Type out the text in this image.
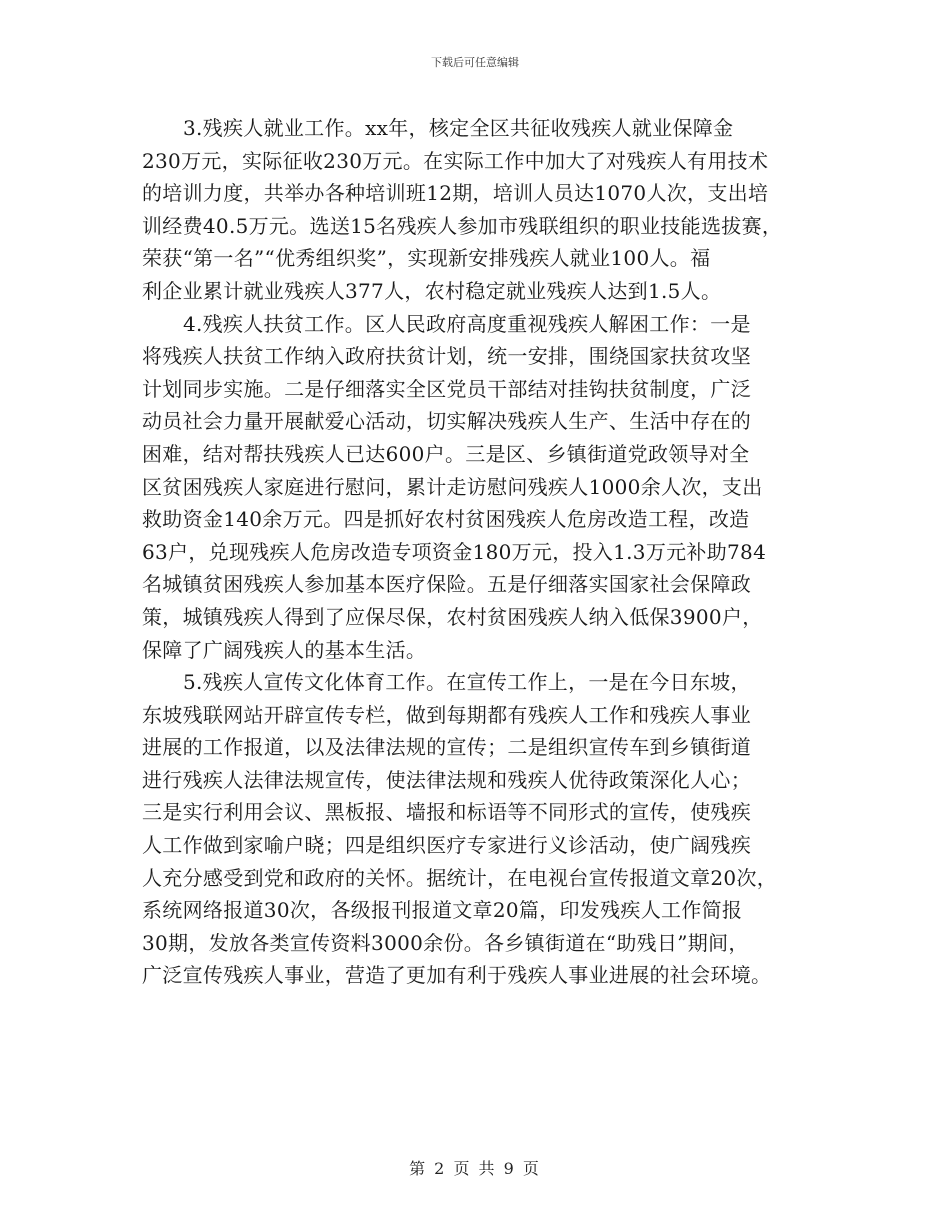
下载后可任意编辑
3.残疾人就业工作。xx年，核定全区共征收残疾人就业保障金
230万元，实际征收230万元。在实际工作中加大了对残疾人有用技术
的培训力度，共举办各种培训班12期，培训人员达1070人次，支出培
训经费40.5万元。选送15名残疾人参加市残联组织的职业技能选拔赛，
荣获“第一名”“优秀组织奖”，实现新安排残疾人就业100人。福
利企业累计就业残疾人377人，农村稳定就业残疾人达到1.5人。
4.残疾人扶贫工作。区人民政府高度重视残疾人解困工作：一是
将残疾人扶贫工作纳入政府扶贫计划，统一安排，围绕国家扶贫攻坚
计划同步实施。二是仔细落实全区党员干部结对挂钩扶贫制度，广泛
动员社会力量开展献爱心活动，切实解决残疾人生产、生活中存在的
困难，结对帮扶残疾人已达600户。三是区、乡镇街道党政领导对全
区贫困残疾人家庭进行慰问，累计走访慰问残疾人1000余人次，支出
救助资金140余万元。四是抓好农村贫困残疾人危房改造工程，改造
63户，兑现残疾人危房改造专项资金180万元，投入1.3万元补助784
名城镇贫困残疾人参加基本医疗保险。五是仔细落实国家社会保障政
策，城镇残疾人得到了应保尽保，农村贫困残疾人纳入低保3900户，
保障了广阔残疾人的基本生活。
5.残疾人宣传文化体育工作。在宣传工作上，一是在今日东坡，
东坡残联网站开辟宣传专栏，做到每期都有残疾人工作和残疾人事业
进展的工作报道，以及法律法规的宣传；二是组织宣传车到乡镇街道
进行残疾人法律法规宣传，使法律法规和残疾人优待政策深化人心；
三是实行利用会议、黑板报、墙报和标语等不同形式的宣传，使残疾
人工作做到家喻户晓；四是组织医疗专家进行义诊活动，使广阔残疾
人充分感受到党和政府的关怀。据统计，在电视台宣传报道文章20次，
系统网络报道30次，各级报刊报道文章20篇，印发残疾人工作简报
30期，发放各类宣传资料3000余份。各乡镇街道在“助残日”期间，
广泛宣传残疾人事业，营造了更加有利于残疾人事业进展的社会环境。
第 2 页 共 9 页
